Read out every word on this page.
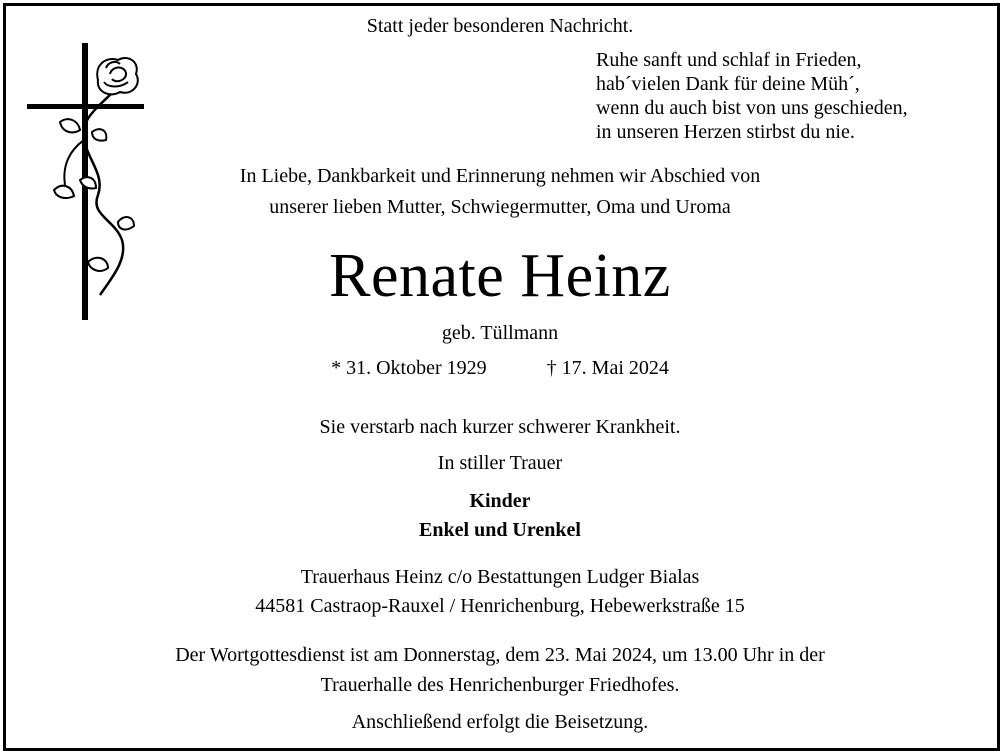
Statt jeder besonderen Nachricht.
Ruhe sanft und schlaf in Frieden,
hab´vielen Dank für deine Müh´,
wenn du auch bist von uns geschieden,
in unseren Herzen stirbst du nie.
In Liebe, Dankbarkeit und Erinnerung nehmen wir Abschied von
unserer lieben Mutter, Schwiegermutter, Oma und Uroma
Renate Heinz
geb. Tüllmann
* 31. Oktober 1929	† 17. Mai 2024
Sie verstarb nach kurzer schwerer Krankheit.
In stiller Trauer
Kinder
Enkel und Urenkel
Trauerhaus Heinz c/o Bestattungen Ludger Bialas
44581 Castraop-Rauxel / Henrichenburg, Hebewerkstraße 15
Der Wortgottesdienst ist am Donnerstag, dem 23. Mai 2024, um 13.00 Uhr in der
Trauerhalle des Henrichenburger Friedhofes.
Anschließend erfolgt die Beisetzung.
